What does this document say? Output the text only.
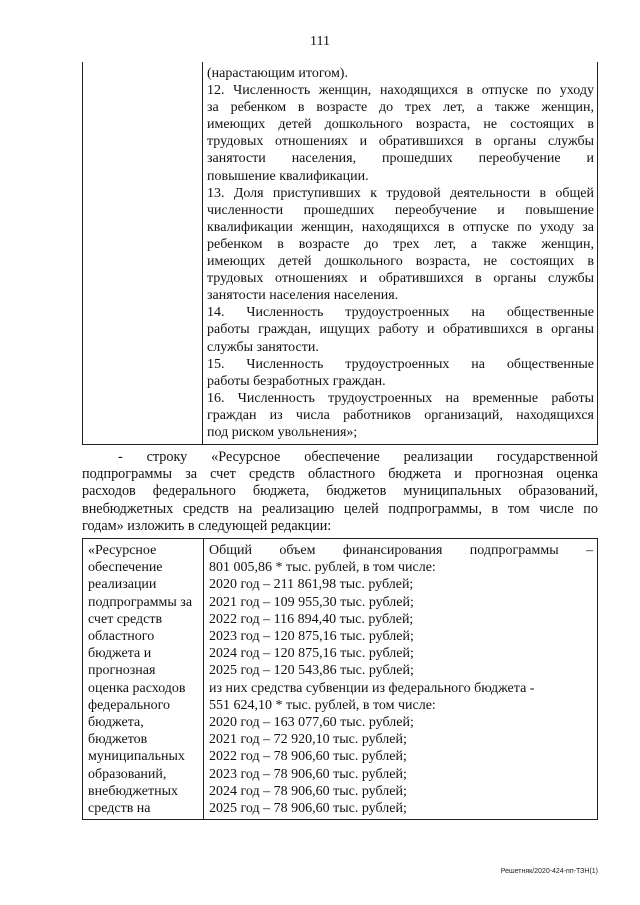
111
(нарастающим итогом).
12. Численность женщин, находящихся в отпуске по уходу
за ребенком в возрасте до трех лет, а также женщин,
имеющих детей дошкольного возраста, не состоящих в
трудовых отношениях и обратившихся в органы службы
занятости населения, прошедших переобучение и
повышение квалификации.
13. Доля приступивших к трудовой деятельности в общей
численности прошедших переобучение и повышение
квалификации женщин, находящихся в отпуске по уходу за
ребенком в возрасте до трех лет, а также женщин,
имеющих детей дошкольного возраста, не состоящих в
трудовых отношениях и обратившихся в органы службы
занятости населения населения.
14. Численность трудоустроенных на общественные
работы граждан, ищущих работу и обратившихся в органы
службы занятости.
15. Численность трудоустроенных на общественные
работы безработных граждан.
16. Численность трудоустроенных на временные работы
граждан из числа работников организаций, находящихся
под риском увольнения»;
- строку «Ресурсное обеспечение реализации государственной
подпрограммы за счет средств областного бюджета и прогнозная оценка
расходов федерального бюджета, бюджетов муниципальных образований,
внебюджетных средств на реализацию целей подпрограммы, в том числе по
годам» изложить в следующей редакции:
«Ресурсное
обеспечение
реализации
подпрограммы за
счет средств
областного
бюджета и
прогнозная
оценка расходов
федерального
бюджета,
бюджетов
муниципальных
образований,
внебюджетных
средств на
Общий объем финансирования подпрограммы –
801 005,86 * тыс. рублей, в том числе:
2020 год – 211 861,98 тыс. рублей;
2021 год – 109 955,30 тыс. рублей;
2022 год – 116 894,40 тыс. рублей;
2023 год – 120 875,16 тыс. рублей;
2024 год – 120 875,16 тыс. рублей;
2025 год – 120 543,86 тыс. рублей;
из них средства субвенции из федерального бюджета -
551 624,10 * тыс. рублей, в том числе:
2020 год – 163 077,60 тыс. рублей;
2021 год – 72 920,10 тыс. рублей;
2022 год – 78 906,60 тыс. рублей;
2023 год – 78 906,60 тыс. рублей;
2024 год – 78 906,60 тыс. рублей;
2025 год – 78 906,60 тыс. рублей;
Решетняк/2020-424-пп-ТЗН(1)
